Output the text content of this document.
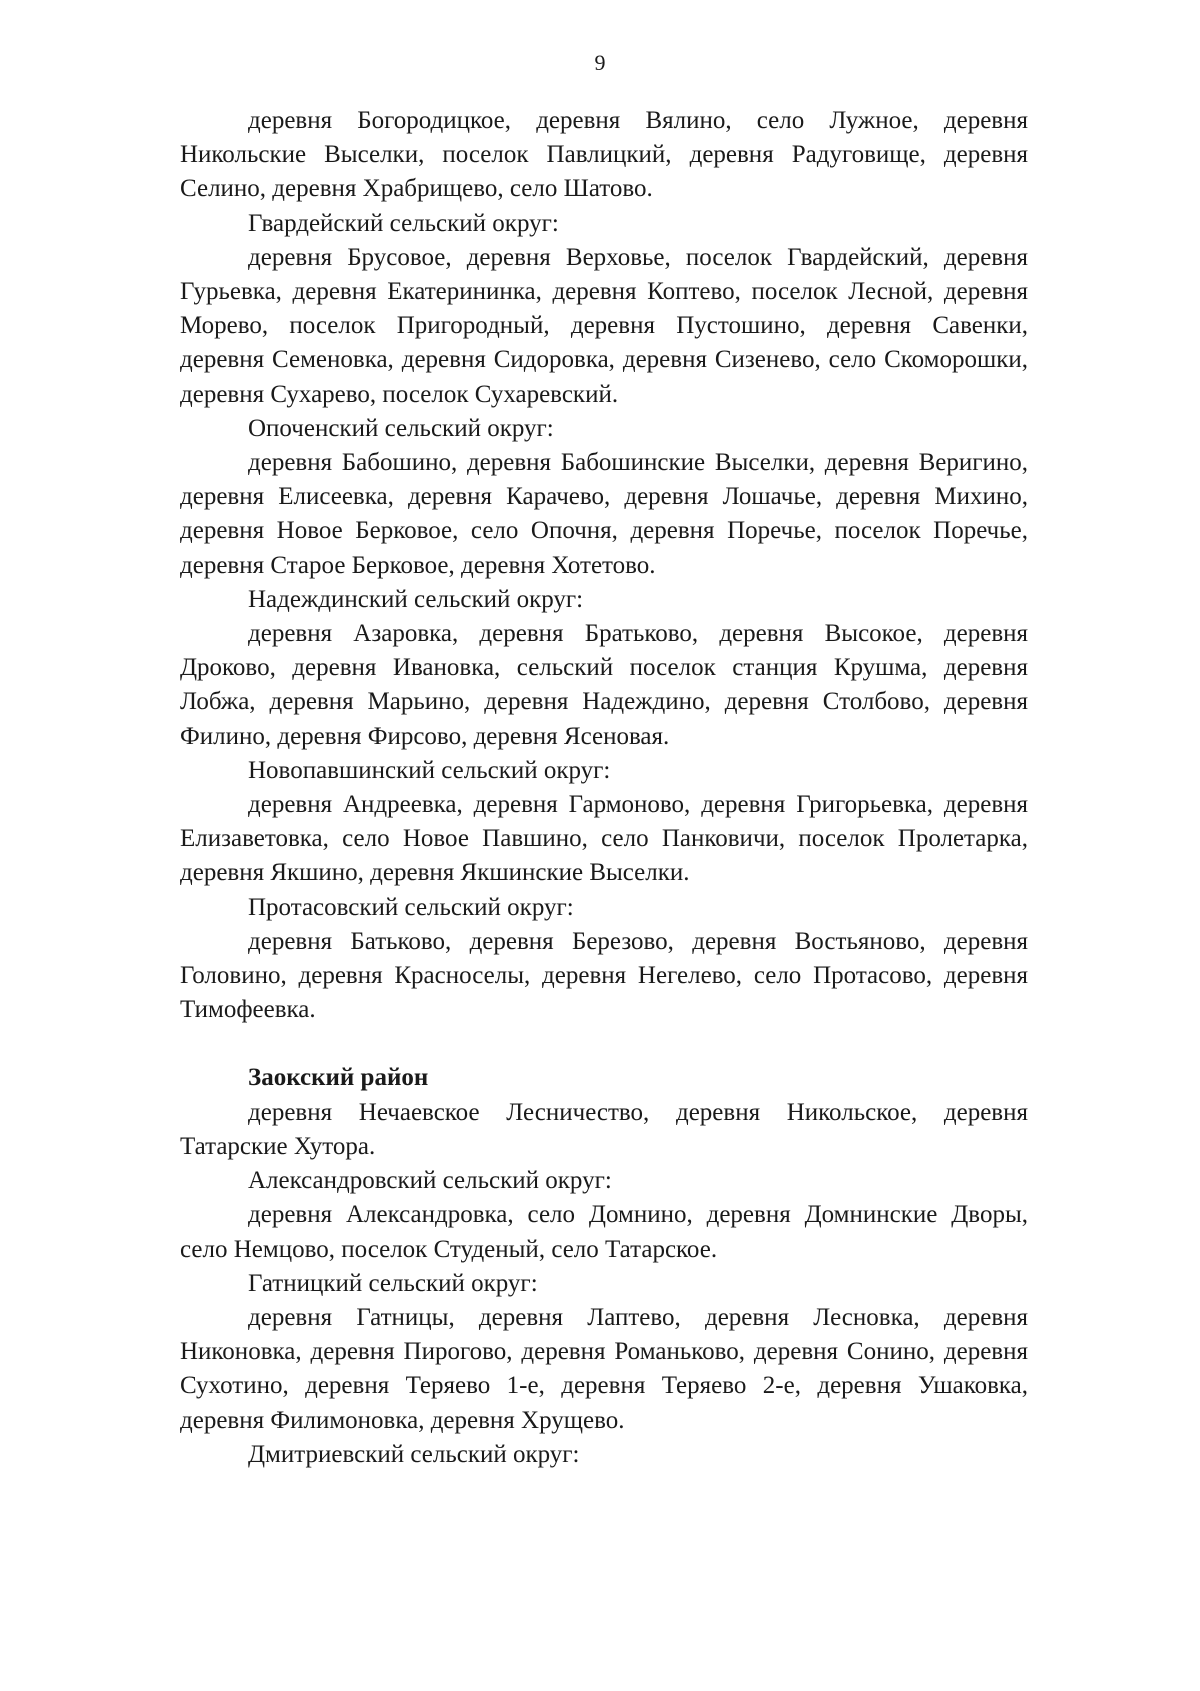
9

деревня Богородицкое, деревня Вялино, село Лужное, деревня Никольские Выселки, поселок Павлицкий, деревня Радуговище, деревня Селино, деревня Храбрищево, село Шатово.

Гвардейский сельский округ:

деревня Брусовое, деревня Верховье, поселок Гвардейский, деревня Гурьевка, деревня Екатерининка, деревня Коптево, поселок Лесной, деревня Морево, поселок Пригородный, деревня Пустошино, деревня Савенки, деревня Семеновка, деревня Сидоровка, деревня Сизенево, село Скоморошки, деревня Сухарево, поселок Сухаревский.

Опоченский сельский округ:

деревня Бабошино, деревня Бабошинские Выселки, деревня Веригино, деревня Елисеевка, деревня Карачево, деревня Лошачье, деревня Михино, деревня Новое Берковое, село Опочня, деревня Поречье, поселок Поречье, деревня Старое Берковое, деревня Хотетово.

Надеждинский сельский округ:

деревня Азаровка, деревня Братьково, деревня Высокое, деревня Дроково, деревня Ивановка, сельский поселок станция Крушма, деревня Лобжа, деревня Марьино, деревня Надеждино, деревня Столбово, деревня Филино, деревня Фирсово, деревня Ясеновая.

Новопавшинский сельский округ:

деревня Андреевка, деревня Гармоново, деревня Григорьевка, деревня Елизаветовка, село Новое Павшино, село Панковичи, поселок Пролетарка, деревня Якшино, деревня Якшинские Выселки.

Протасовский сельский округ:

деревня Батьково, деревня Березово, деревня Востьяново, деревня Головино, деревня Красноселы, деревня Негелево, село Протасово, деревня Тимофеевка.

Заокский район

деревня Нечаевское Лесничество, деревня Никольское, деревня Татарские Хутора.

Александровский сельский округ:

деревня Александровка, село Домнино, деревня Домнинские Дворы, село Немцово, поселок Студеный, село Татарское.

Гатницкий сельский округ:

деревня Гатницы, деревня Лаптево, деревня Лесновка, деревня Никоновка, деревня Пирогово, деревня Романьково, деревня Сонино, деревня Сухотино, деревня Теряево 1-е, деревня Теряево 2-е, деревня Ушаковка, деревня Филимоновка, деревня Хрущево.

Дмитриевский сельский округ:
